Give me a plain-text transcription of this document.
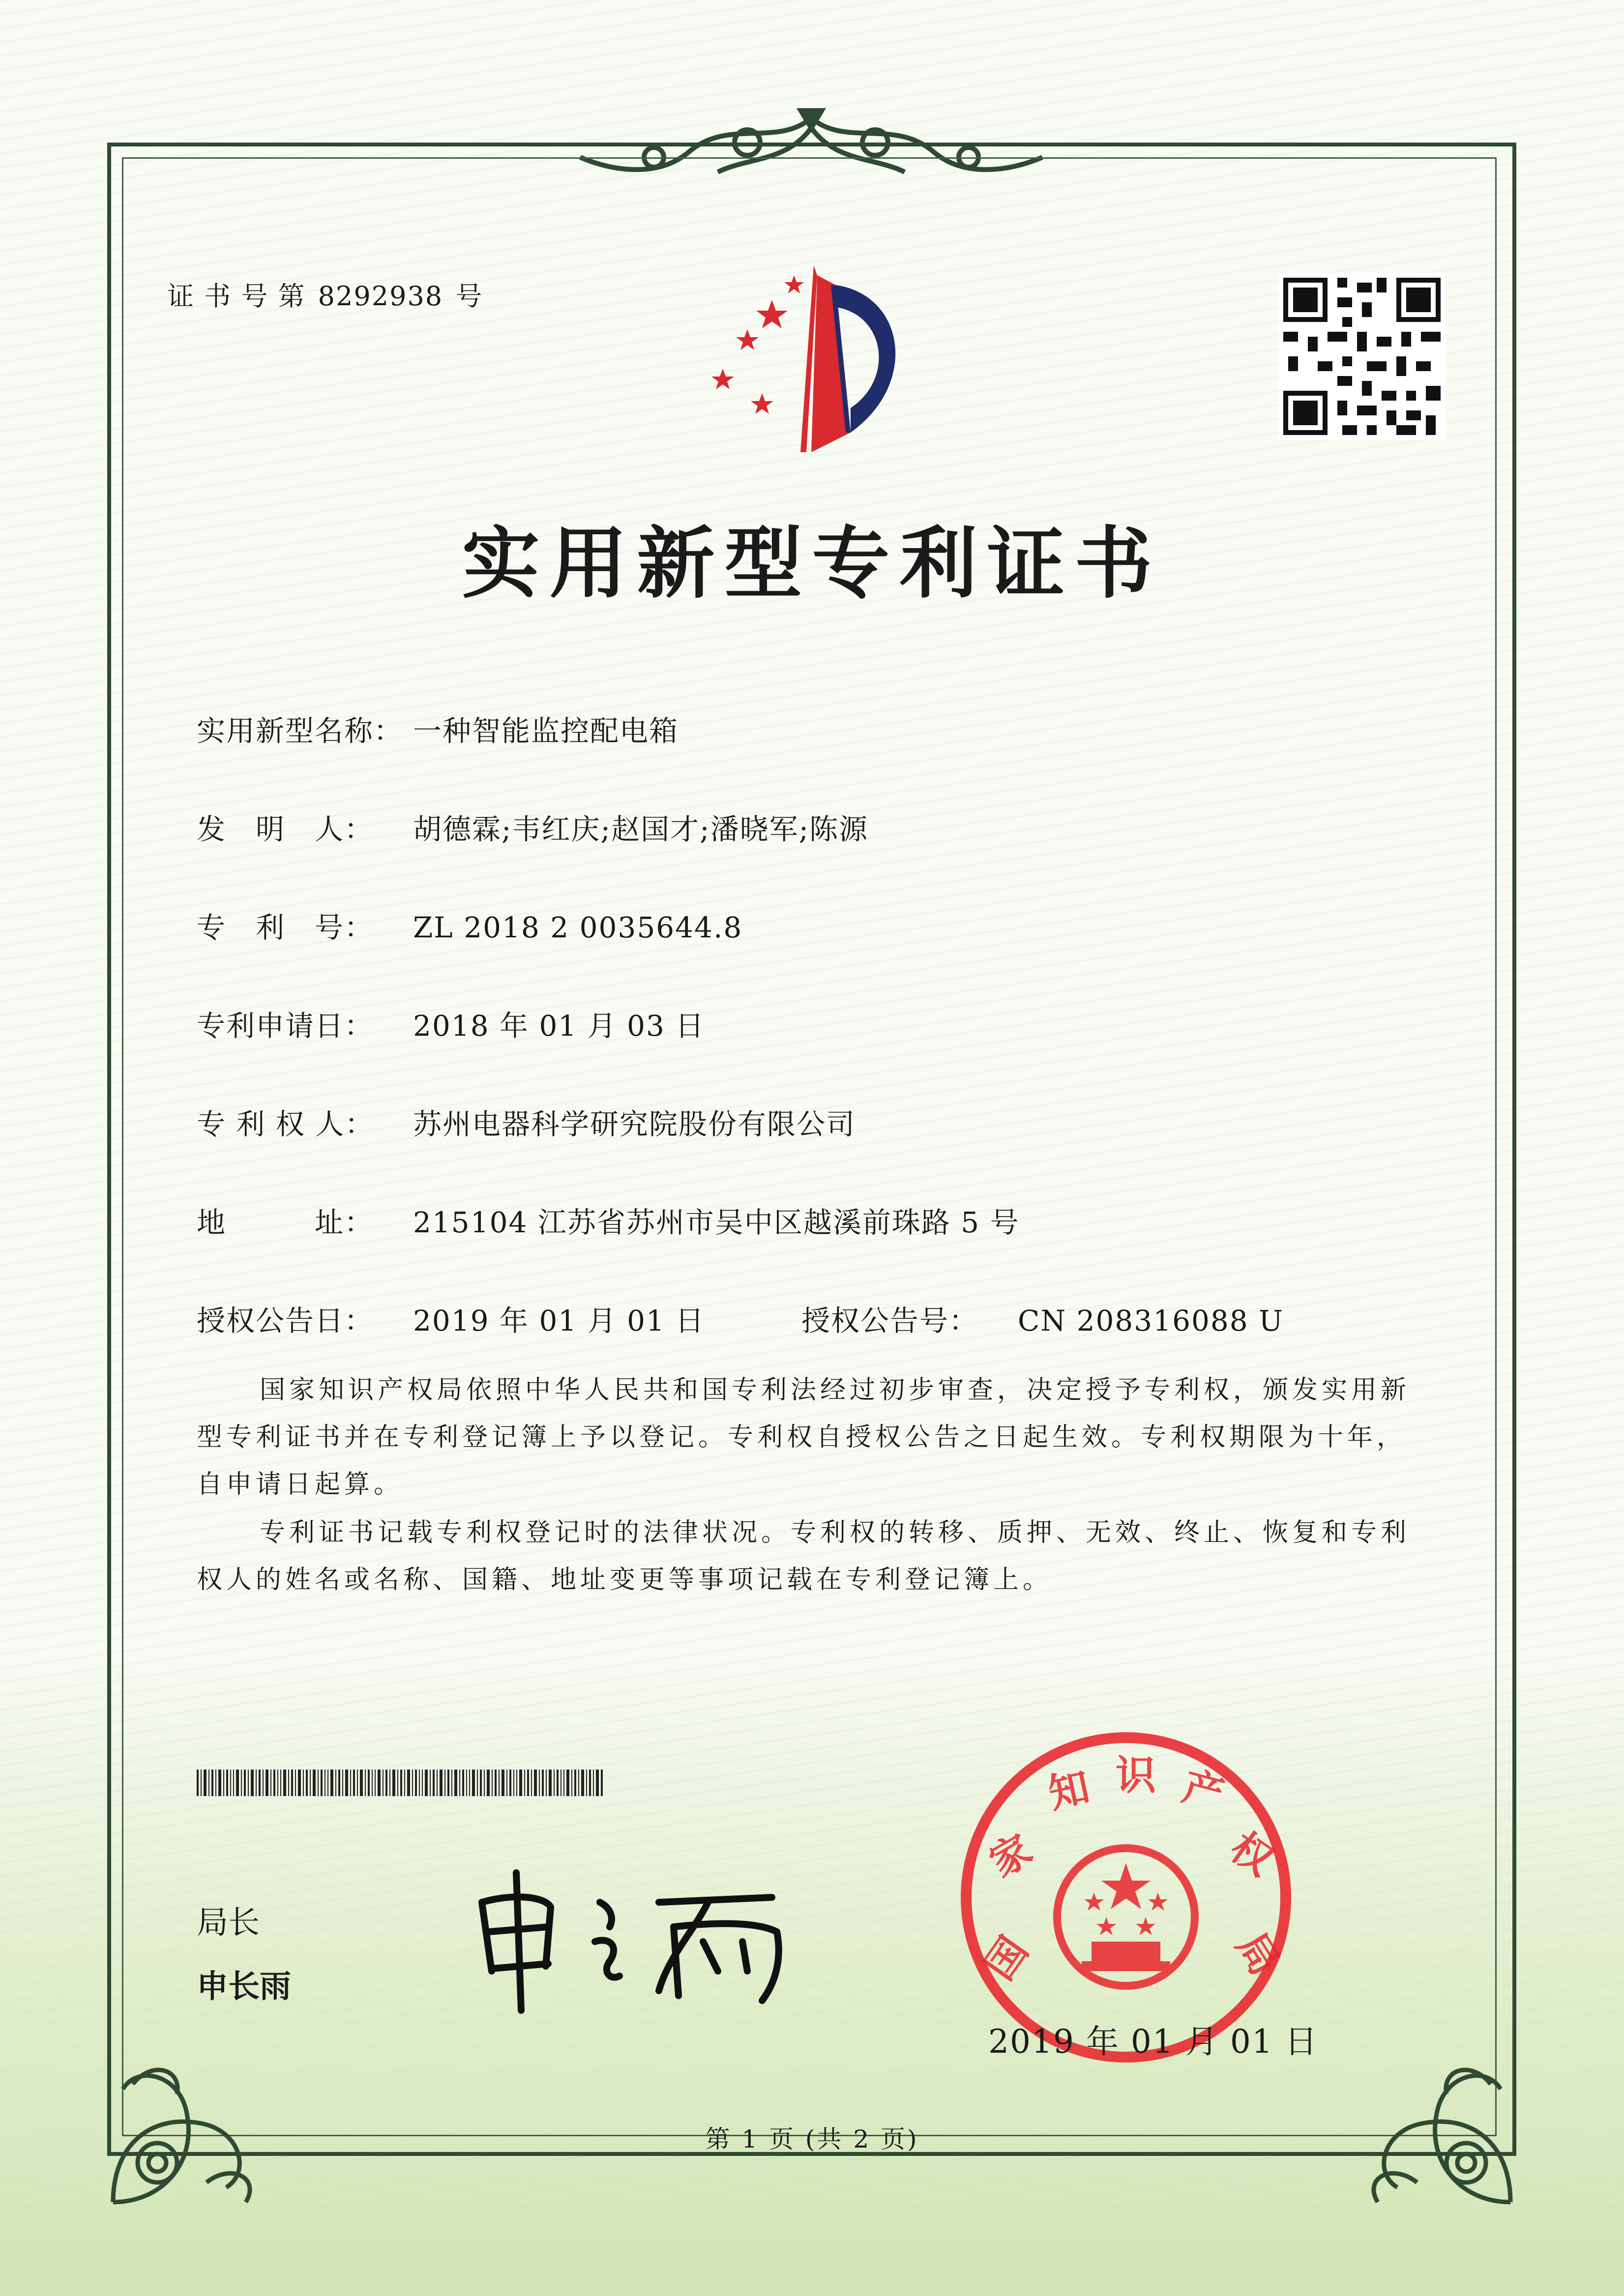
证 书 号 第 8292938 号
实用新型专利证书
实用新型名称： 一种智能监控配电箱
发　明　人： 胡德霖;韦红庆;赵国才;潘晓军;陈源
专　利　号： ZL 2018 2 0035644.8
专利申请日： 2018 年 01 月 03 日
专 利 权 人： 苏州电器科学研究院股份有限公司
地　　　址： 215104 江苏省苏州市吴中区越溪前珠路 5 号
授权公告日： 2019 年 01 月 01 日	授权公告号： CN 208316088 U
国家知识产权局依照中华人民共和国专利法经过初步审查，决定授予专利权，颁发实用新型专利证书并在专利登记簿上予以登记。专利权自授权公告之日起生效。专利权期限为十年，自申请日起算。
专利证书记载专利权登记时的法律状况。专利权的转移、质押、无效、终止、恢复和专利权人的姓名或名称、国籍、地址变更等事项记载在专利登记簿上。
局长
申长雨	国
家
知 识 产
权
局
2019 年 01 月 01 日
第 1 页 (共 2 页)
